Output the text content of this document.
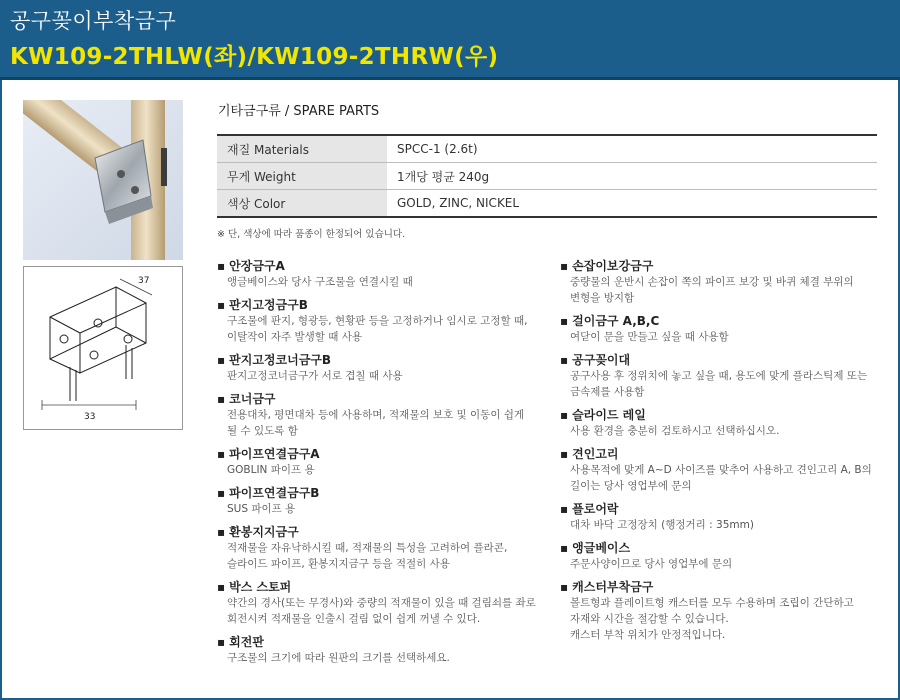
공구꽂이부착금구
KW109-2THLW(좌)/KW109-2THRW(우)
37
33
기타금구류 / SPARE PARTS
재질 Materials	SPCC-1 (2.6t)
무게 Weight	1개당 평균 240g
색상 Color	GOLD, ZINC, NICKEL
※ 단, 색상에 따라 품종이 한정되어 있습니다.
▪ 안장금구A
앵글베이스와 당사 구조물을 연결시킬 때
▪ 판지고정금구B
구조물에 판지, 형광등, 현황판 등을 고정하거나 임시로 고정할 때,
이탈작이 자주 발생할 때 사용
▪ 판지고정코너금구B
판지고정코너금구가 서로 겹칠 때 사용
▪ 코너금구
전용대차, 평면대차 등에 사용하며, 적재물의 보호 및 이동이 쉽게
될 수 있도록 함
▪ 파이프연결금구A
GOBLIN 파이프 용
▪ 파이프연결금구B
SUS 파이프 용
▪ 환봉지지금구
적재물을 자유낙하시킬 때, 적재물의 특성을 고려하여 플라콘,
슬라이드 파이프, 환봉지지금구 등을 적절히 사용
▪ 박스 스토퍼
약간의 경사(또는 무경사)와 중량의 적재물이 있을 때 걸림쇠를 좌로
회전시켜 적재물을 인출시 걸림 없이 쉽게 꺼낼 수 있다.
▪ 회전판
구조물의 크기에 따라 원판의 크기를 선택하세요.
▪ 손잡이보강금구
중량물의 운반시 손잡이 쪽의 파이프 보강 및 바퀴 체결 부위의
변형을 방지함
▪ 걸이금구 A,B,C
여닫이 문을 만들고 싶을 때 사용함
▪ 공구꽂이대
공구사용 후 정위치에 놓고 싶을 때, 용도에 맞게 플라스틱제 또는
금속제를 사용함
▪ 슬라이드 레일
사용 환경을 충분히 검토하시고 선택하십시오.
▪ 견인고리
사용목적에 맞게 A~D 사이즈를 맞추어 사용하고 견인고리 A, B의
길이는 당사 영업부에 문의
▪ 플로어락
대차 바닥 고정장치 (행정거리 : 35mm)
▪ 앵글베이스
주문사양이므로 당사 영업부에 문의
▪ 캐스터부착금구
볼트형과 플레이트형 캐스터를 모두 수용하며 조립이 간단하고
자재와 시간을 절감할 수 있습니다.
캐스터 부착 위치가 안정적입니다.
